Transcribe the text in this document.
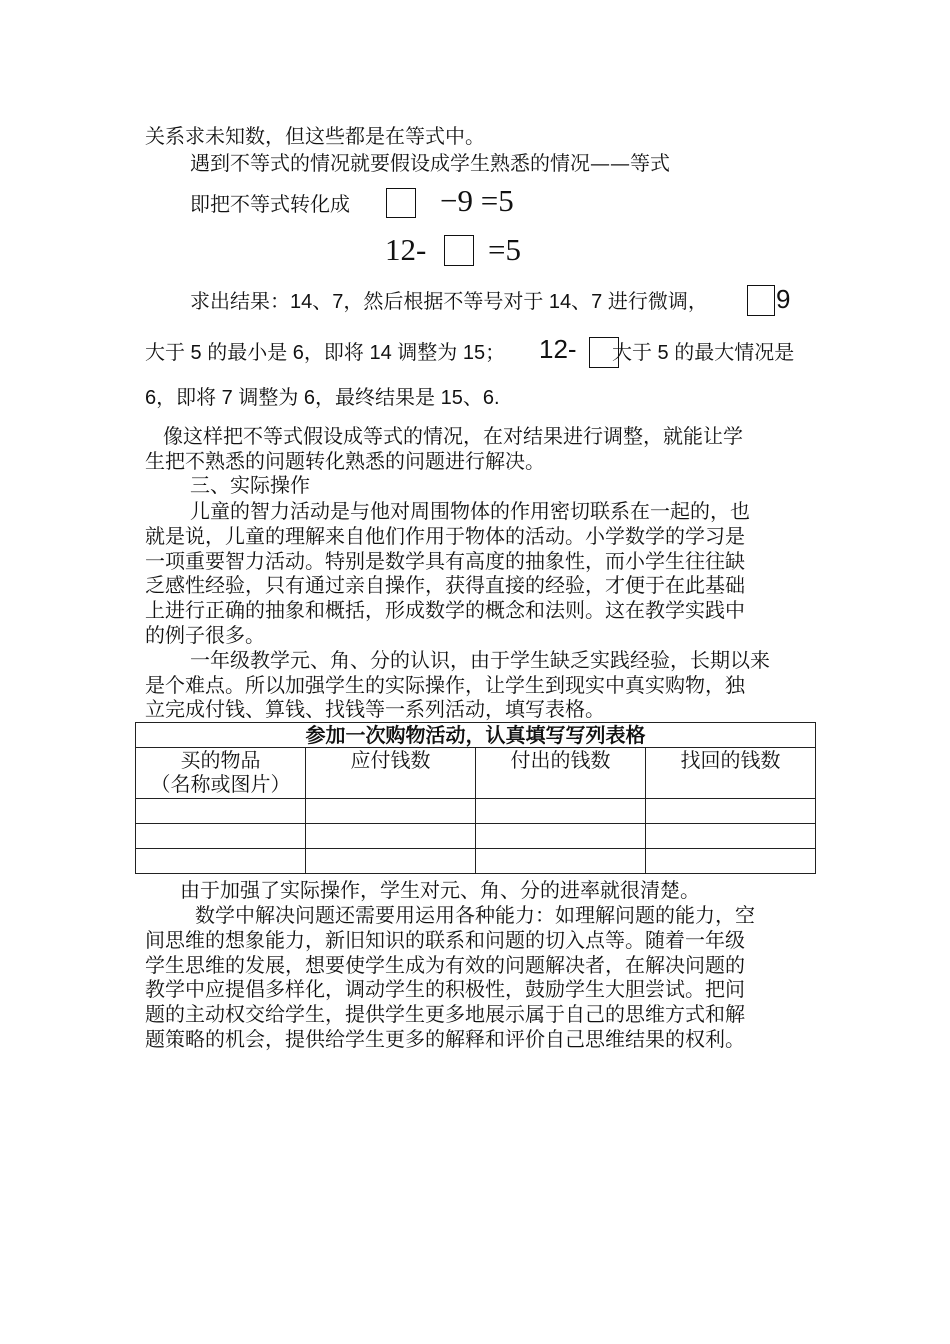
关系求未知数，但这些都是在等式中。
遇到不等式的情况就要假设成学生熟悉的情况——等式
即把不等式转化成	−9 =5
12- =5
求出结果：14、7，然后根据不等号对于 14、7 进行微调，	9
大于 5 的最小是 6，即将 14 调整为 15； 12- 大于 5 的最大情况是
6，即将 7 调整为 6，最终结果是 15、6.
像这样把不等式假设成等式的情况，在对结果进行调整，就能让学
生把不熟悉的问题转化熟悉的问题进行解决。
三、实际操作
儿童的智力活动是与他对周围物体的作用密切联系在一起的，也
就是说，儿童的理解来自他们作用于物体的活动。小学数学的学习是
一项重要智力活动。特别是数学具有高度的抽象性，而小学生往往缺
乏感性经验，只有通过亲自操作，获得直接的经验，才便于在此基础
上进行正确的抽象和概括，形成数学的概念和法则。这在教学实践中
的例子很多。
一年级教学元、角、分的认识，由于学生缺乏实践经验，长期以来
是个难点。所以加强学生的实际操作，让学生到现实中真实购物，独
立完成付钱、算钱、找钱等一系列活动，填写表格。
参加一次购物活动，认真填写写列表格			

买的物品
（名称或图片）	应付钱数	付出的钱数	找回的钱数

由于加强了实际操作，学生对元、角、分的进率就很清楚。
数学中解决问题还需要用运用各种能力：如理解问题的能力，空
间思维的想象能力，新旧知识的联系和问题的切入点等。随着一年级
学生思维的发展，想要使学生成为有效的问题解决者，在解决问题的
教学中应提倡多样化，调动学生的积极性，鼓励学生大胆尝试。把问
题的主动权交给学生，提供学生更多地展示属于自己的思维方式和解
题策略的机会，提供给学生更多的解释和评价自己思维结果的权利。
